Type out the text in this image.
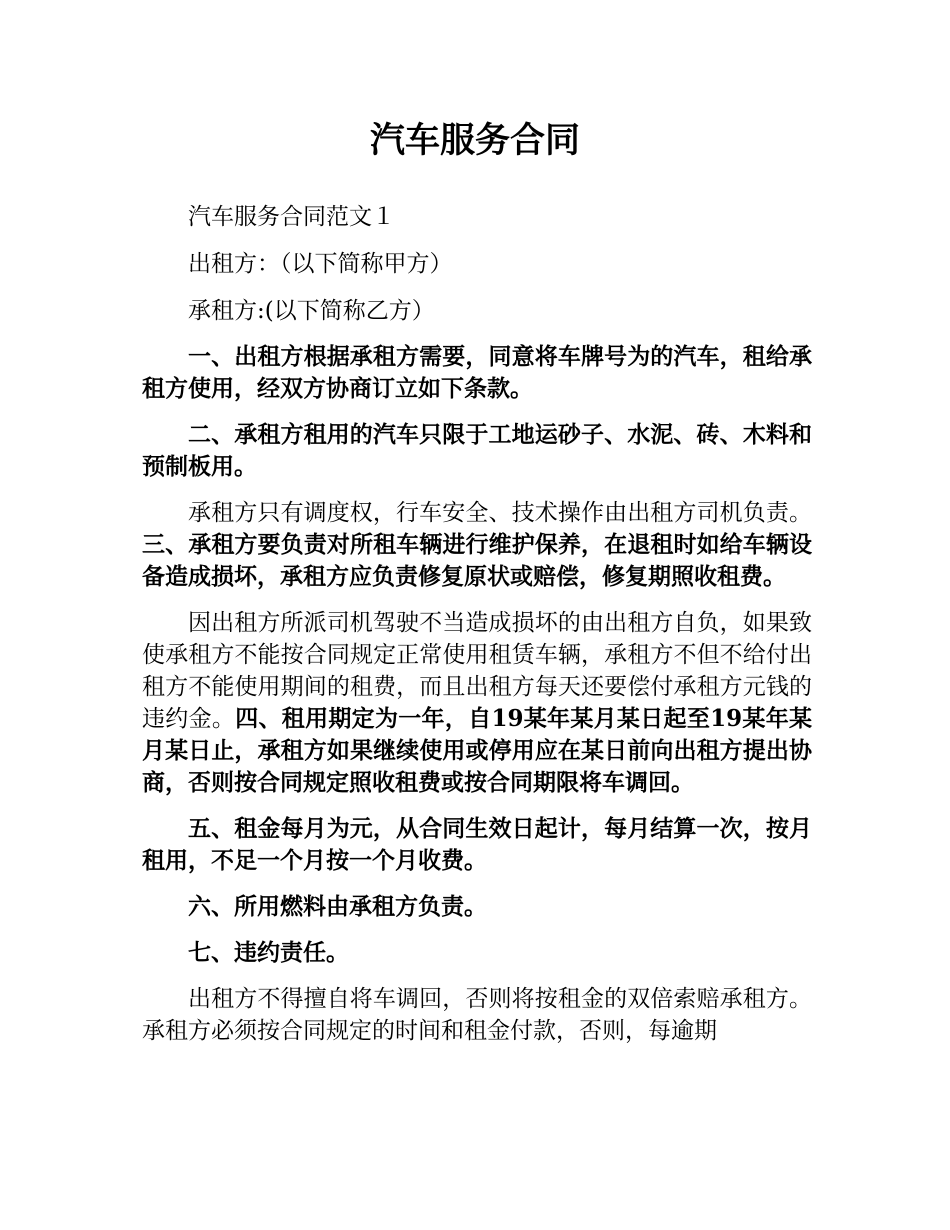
汽车服务合同

汽车服务合同范文１

出租方：（以下简称甲方）

承租方:(以下简称乙方）

一、出租方根据承租方需要，同意将车牌号为的汽车，租给承租方使用，经双方协商订立如下条款。

二、承租方租用的汽车只限于工地运砂子、水泥、砖、木料和预制板用。

承租方只有调度权，行车安全、技术操作由出租方司机负责。三、承租方要负责对所租车辆进行维护保养，在退租时如给车辆设备造成损坏，承租方应负责修复原状或赔偿，修复期照收租费。

因出租方所派司机驾驶不当造成损坏的由出租方自负，如果致使承租方不能按合同规定正常使用租赁车辆，承租方不但不给付出租方不能使用期间的租费，而且出租方每天还要偿付承租方元钱的违约金。四、租用期定为一年，自19某年某月某日起至19某年某月某日止，承租方如果继续使用或停用应在某日前向出租方提出协商，否则按合同规定照收租费或按合同期限将车调回。

五、租金每月为元，从合同生效日起计，每月结算一次，按月租用，不足一个月按一个月收费。

六、所用燃料由承租方负责。

七、违约责任。

出租方不得擅自将车调回，否则将按租金的双倍索赔承租方。承租方必须按合同规定的时间和租金付款，否则，每逾期
